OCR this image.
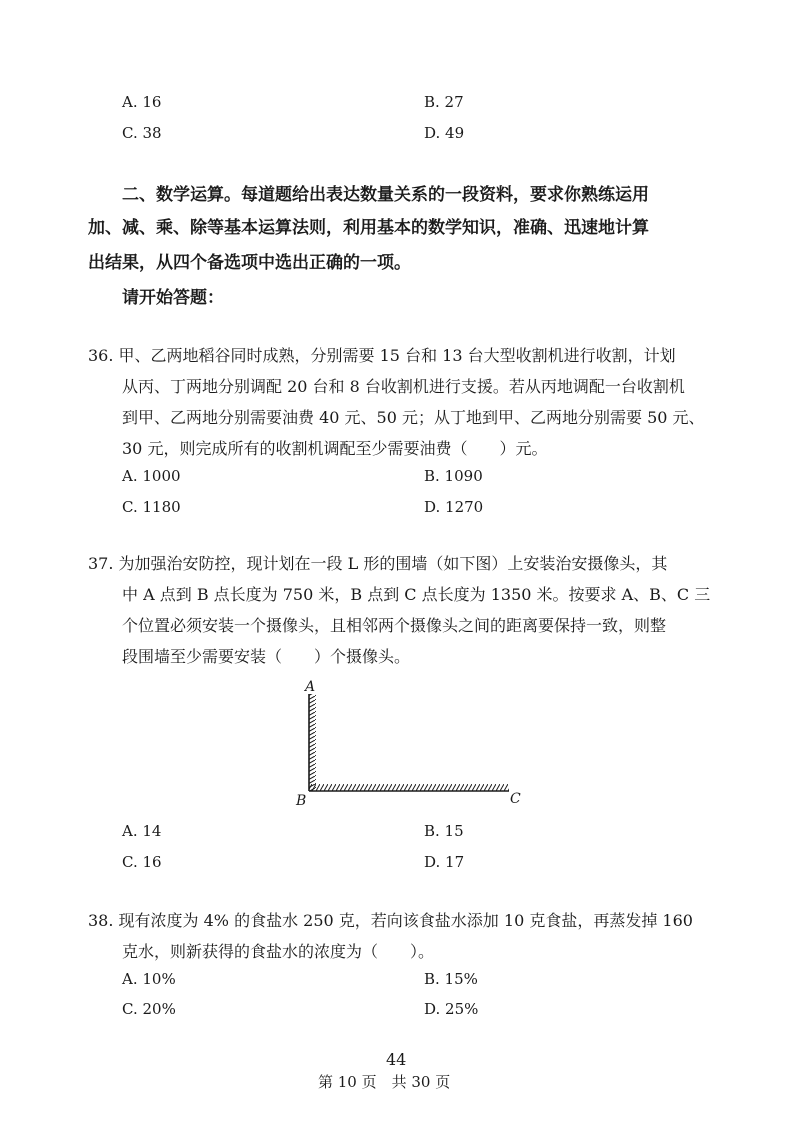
A. 16	B. 27
C. 38	D. 49
二、数学运算。每道题给出表达数量关系的一段资料，要求你熟练运用
加、减、乘、除等基本运算法则，利用基本的数学知识，准确、迅速地计算
出结果，从四个备选项中选出正确的一项。
请开始答题：
36. 甲、乙两地稻谷同时成熟，分别需要 15 台和 13 台大型收割机进行收割，计划
从丙、丁两地分别调配 20 台和 8 台收割机进行支援。若从丙地调配一台收割机
到甲、乙两地分别需要油费 40 元、50 元；从丁地到甲、乙两地分别需要 50 元、
30 元，则完成所有的收割机调配至少需要油费（　　）元。
A. 1000	B. 1090
C. 1180	D. 1270
37. 为加强治安防控，现计划在一段 L 形的围墙（如下图）上安装治安摄像头，其
中 A 点到 B 点长度为 750 米，B 点到 C 点长度为 1350 米。按要求 A、B、C 三
个位置必须安装一个摄像头，且相邻两个摄像头之间的距离要保持一致，则整
段围墙至少需要安装（　　）个摄像头。
A
B	C
A. 14	B. 15
C. 16	D. 17
38. 现有浓度为 4% 的食盐水 250 克，若向该食盐水添加 10 克食盐，再蒸发掉 160
克水，则新获得的食盐水的浓度为（　　）。
A. 10%	B. 15%
C. 20%	D. 25%
44
第 10 页　共 30 页
